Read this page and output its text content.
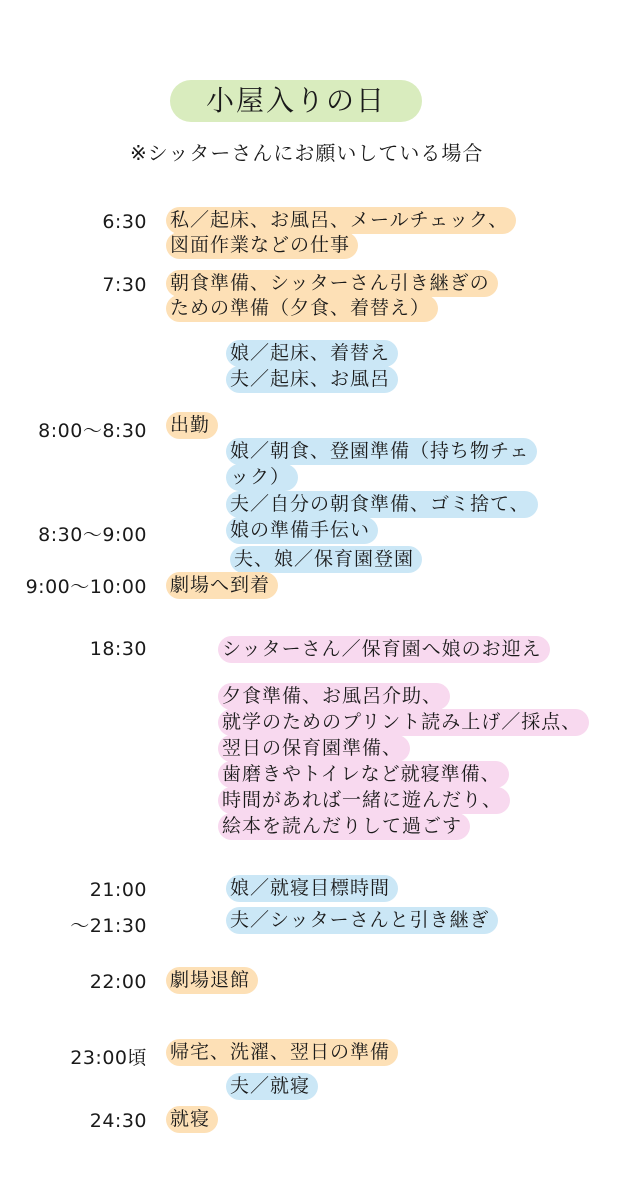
小屋入りの日
※シッターさんにお願いしている場合
6:30
7:30
8:00〜8:30
8:30〜9:00
9:00〜10:00
18:30
21:00
〜21:30
22:00
23:00頃
24:30
私／起床、お風呂、メールチェック、
図面作業などの仕事
朝食準備、シッターさん引き継ぎの
ための準備（夕食、着替え）
娘／起床、着替え
夫／起床、お風呂
出勤
娘／朝食、登園準備（持ち物チェ
ック）
夫／自分の朝食準備、ゴミ捨て、
娘の準備手伝い
夫、娘／保育園登園
劇場へ到着
シッターさん／保育園へ娘のお迎え
夕食準備、お風呂介助、
就学のためのプリント読み上げ／採点、
翌日の保育園準備、
歯磨きやトイレなど就寝準備、
時間があれば一緒に遊んだり、
絵本を読んだりして過ごす
娘／就寝目標時間
夫／シッターさんと引き継ぎ
劇場退館
帰宅、洗濯、翌日の準備
夫／就寝
就寝
